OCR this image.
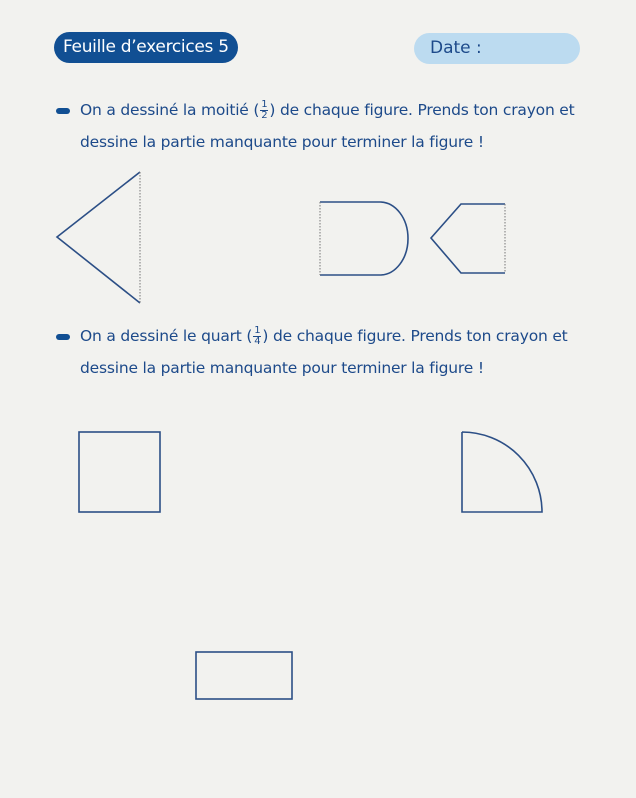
Feuille d’exercices 5	Date :
On a dessiné la moitié ( $\frac{1}{2}$ ) de chaque figure. Prends ton crayon et
dessine la partie manquante pour terminer la figure !
On a dessiné le quart ( $\frac{1}{4}$ ) de chaque figure. Prends ton crayon et
dessine la partie manquante pour terminer la figure !
